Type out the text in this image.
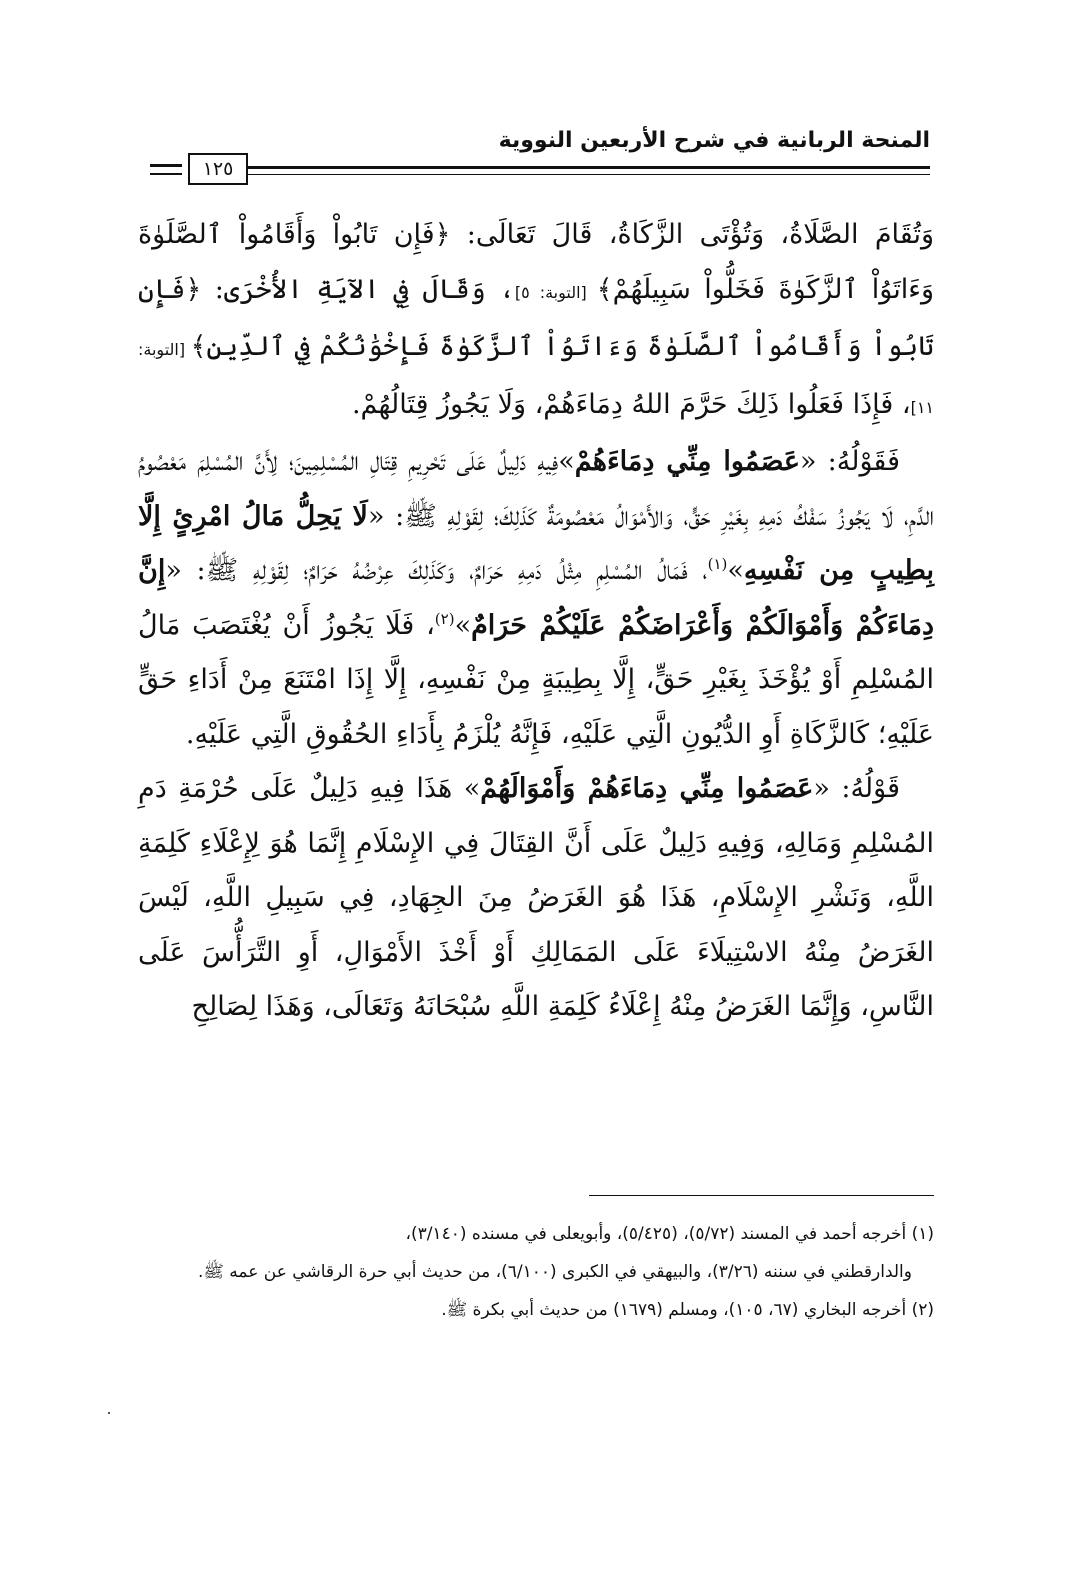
المنحة الربانية في شرح الأربعين النووية
١٢٥

وَتُقَامَ الصَّلَاةُ، وَتُؤْتَى الزَّكَاةُ، قَالَ تَعَالَى: ﴿فَإِن تَابُواْ وَأَقَامُواْ ٱلصَّلَوٰةَ وَءَاتَوُاْ ٱلزَّكَوٰةَ فَخَلُّواْ سَبِيلَهُمْ﴾ [التوبة: ٥]، وَقَالَ فِي الآيَةِ الأُخْرَى: ﴿فَإِن تَابُواْ وَأَقَامُواْ ٱلصَّلَوٰةَ وَءَاتَوُاْ ٱلزَّكَوٰةَ فَإِخْوَٰنُكُمْ فِي ٱلدِّينِ﴾ [التوبة: ١١]، فَإِذَا فَعَلُوا ذَلِكَ حَرَّمَ اللهُ دِمَاءَهُمْ، وَلَا يَجُوزُ قِتَالُهُمْ.

فَقَوْلُهُ: «عَصَمُوا مِنِّي دِمَاءَهُمْ»فِيهِ دَلِيلٌ عَلَى تَحْرِيمِ قِتَالِ المُسْلِمِينَ؛ لِأَنَّ المُسْلِمَ مَعْصُومُ الدَّمِ، لَا يَجُوزُ سَفْكُ دَمِهِ بِغَيْرِ حَقٍّ، وَالأَمْوَالُ مَعْصُومَةٌ كَذَلِكَ؛ لِقَوْلِهِ ﷺ: «لَا يَحِلُّ مَالُ امْرِئٍ إِلَّا بِطِيبٍ مِن نَفْسِهِ»$^{(١)}$، فَمَالُ المُسْلِمِ مِثْلُ دَمِهِ حَرَامٌ، وَكَذَلِكَ عِرْضُهُ حَرَامٌ؛ لِقَوْلِهِ ﷺ: «إِنَّ دِمَاءَكُمْ وَأَمْوَالَكُمْ وَأَعْرَاضَكُمْ عَلَيْكُمْ حَرَامٌ»$^{(٢)}$، فَلَا يَجُوزُ أَنْ يُغْتَصَبَ مَالُ المُسْلِمِ أَوْ يُؤْخَذَ بِغَيْرِ حَقٍّ، إِلَّا بِطِيبَةٍ مِنْ نَفْسِهِ، إِلَّا إِذَا امْتَنَعَ مِنْ أَدَاءِ حَقٍّ عَلَيْهِ؛ كَالزَّكَاةِ أَوِ الدُّيُونِ الَّتِي عَلَيْهِ، فَإِنَّهُ يُلْزَمُ بِأَدَاءِ الحُقُوقِ الَّتِي عَلَيْهِ.

قَوْلُهُ: «عَصَمُوا مِنِّي دِمَاءَهُمْ وَأَمْوَالَهُمْ» هَذَا فِيهِ دَلِيلٌ عَلَى حُرْمَةِ دَمِ المُسْلِمِ وَمَالِهِ، وَفِيهِ دَلِيلٌ عَلَى أَنَّ القِتَالَ فِي الإِسْلَامِ إِنَّمَا هُوَ لِإِعْلَاءِ كَلِمَةِ اللَّهِ، وَنَشْرِ الإِسْلَامِ، هَذَا هُوَ الغَرَضُ مِنَ الجِهَادِ، فِي سَبِيلِ اللَّهِ، لَيْسَ الغَرَضُ مِنْهُ الاسْتِيلَاءَ عَلَى المَمَالِكِ أَوْ أَخْذَ الأَمْوَالِ، أَوِ التَّرَأُّسَ عَلَى النَّاسِ، وَإِنَّمَا الغَرَضُ مِنْهُ إِعْلَاءُ كَلِمَةِ اللَّهِ سُبْحَانَهُ وَتَعَالَى، وَهَذَا لِصَالِحِ

(١) أخرجه أحمد في المسند (٥/٧٢)، (٥/٤٢٥)، وأبويعلى في مسنده (٣/١٤٠)،

والدارقطني في سننه (٣/٢٦)، والبيهقي في الكبرى (٦/١٠٠)، من حديث أبي حرة الرقاشي عن عمه ﷺ.

(٢) أخرجه البخاري (٦٧، ١٠٥)، ومسلم (١٦٧٩) من حديث أبي بكرة ﷺ.
